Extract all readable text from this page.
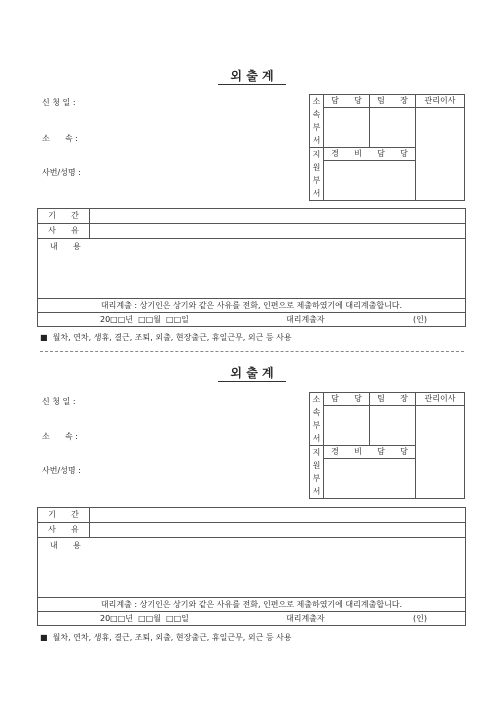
외 출 계
신 청 일 :
소      속 :
사번/성명 :
소속부서	담      당	팀      장	관리이사

지원부서	경      비      담      당		

기      간	
사      유	

내      용	

대리계출 : 상기인은 상기와 같은 사유를 전화, 인편으로 제출하였기에 대리계출합니다.	

20□□년  □□월  □□일 대리계출자 (인)	
■  월차, 연차, 생휴, 결근, 조퇴, 외출, 현장출근, 휴일근무, 외근 등 사용
외 출 계
신 청 일 :
소      속 :
사번/성명 :
소속부서	담      당	팀      장	관리이사

지원부서	경      비      담      당		

기      간	
사      유	

내      용	

대리계출 : 상기인은 상기와 같은 사유를 전화, 인편으로 제출하였기에 대리계출합니다.	

20□□년  □□월  □□일 대리계출자 (인)	
■  월차, 연차, 생휴, 결근, 조퇴, 외출, 현장출근, 휴일근무, 외근 등 사용
